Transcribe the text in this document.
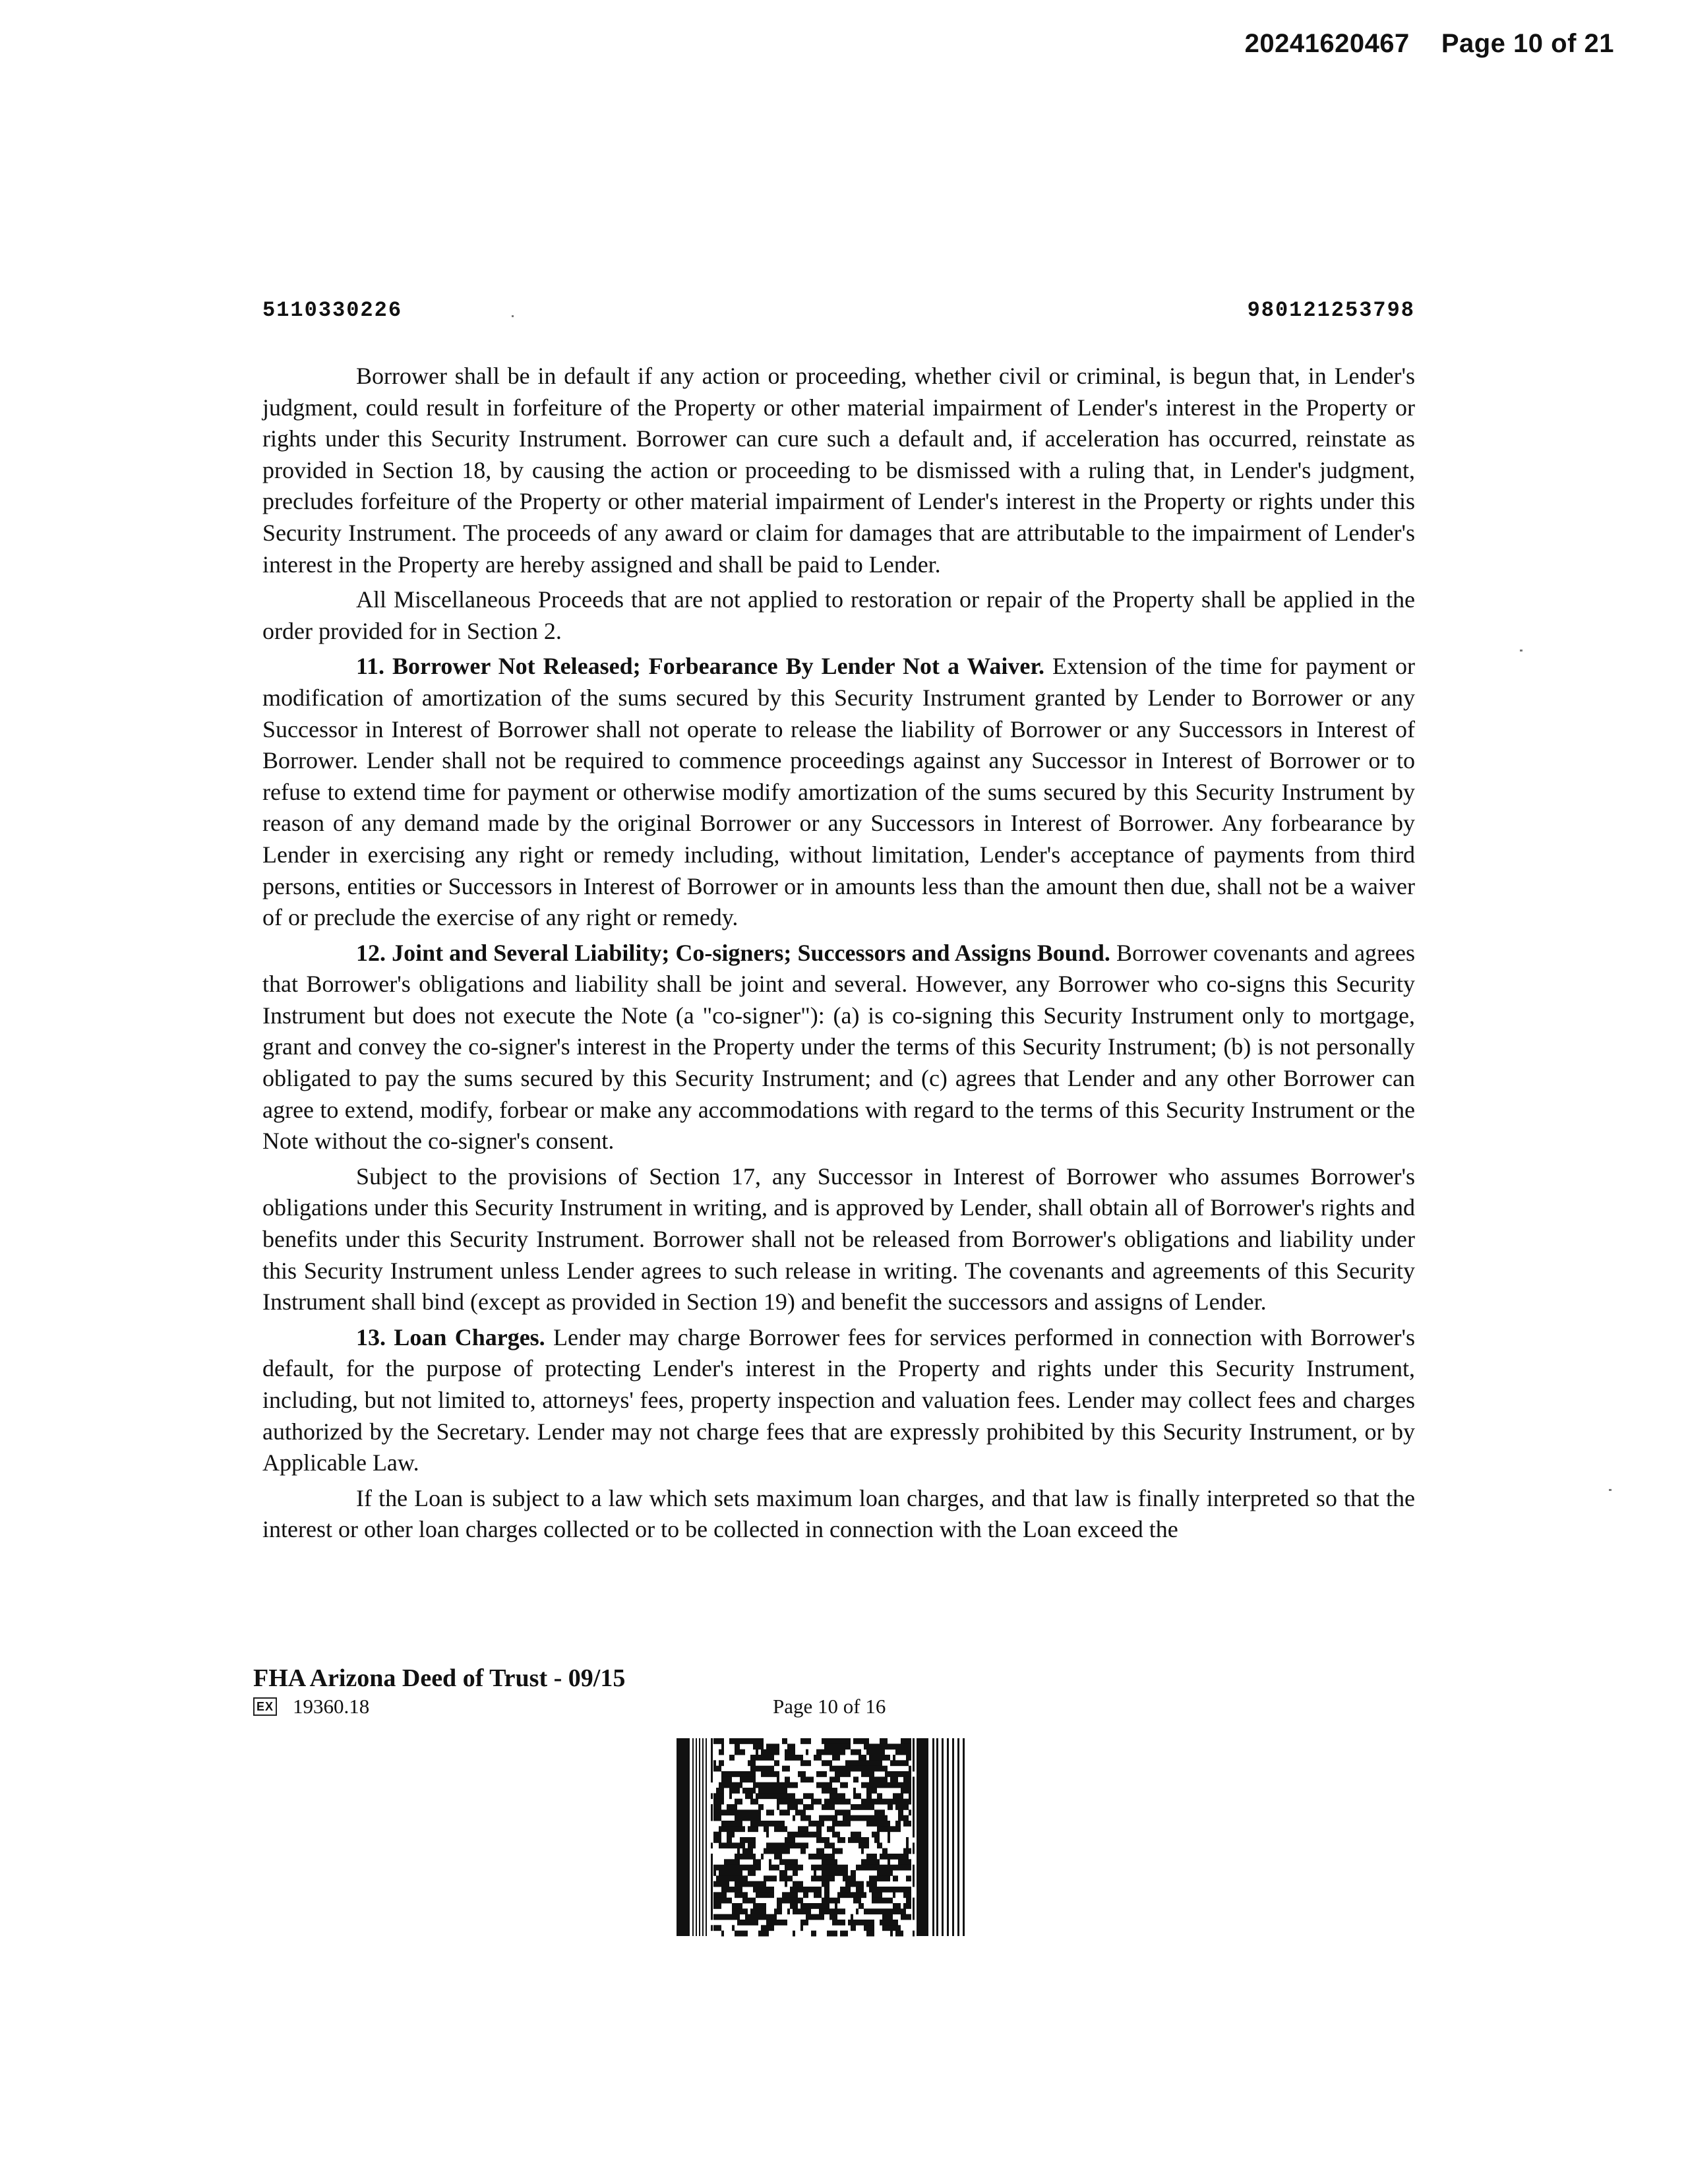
20241620467 Page 10 of 21
5110330226	980121253798

Borrower shall be in default if any action or proceeding, whether civil or criminal, is begun that, in Lender's judgment, could result in forfeiture of the Property or other material impairment of Lender's interest in the Property or rights under this Security Instrument. Borrower can cure such a default and, if acceleration has occurred, reinstate as provided in Section 18, by causing the action or proceeding to be dismissed with a ruling that, in Lender's judgment, precludes forfeiture of the Property or other material impairment of Lender's interest in the Property or rights under this Security Instrument. The proceeds of any award or claim for damages that are attributable to the impairment of Lender's interest in the Property are hereby assigned and shall be paid to Lender.

All Miscellaneous Proceeds that are not applied to restoration or repair of the Property shall be applied in the order provided for in Section 2.

11. Borrower Not Released; Forbearance By Lender Not a Waiver. Extension of the time for payment or modification of amortization of the sums secured by this Security Instrument granted by Lender to Borrower or any Successor in Interest of Borrower shall not operate to release the liability of Borrower or any Successors in Interest of Borrower. Lender shall not be required to commence proceedings against any Successor in Interest of Borrower or to refuse to extend time for payment or otherwise modify amortization of the sums secured by this Security Instrument by reason of any demand made by the original Borrower or any Successors in Interest of Borrower. Any forbearance by Lender in exercising any right or remedy including, without limitation, Lender's acceptance of payments from third persons, entities or Successors in Interest of Borrower or in amounts less than the amount then due, shall not be a waiver of or preclude the exercise of any right or remedy.

12. Joint and Several Liability; Co-signers; Successors and Assigns Bound. Borrower covenants and agrees that Borrower's obligations and liability shall be joint and several. However, any Borrower who co-signs this Security Instrument but does not execute the Note (a "co-signer"): (a) is co-signing this Security Instrument only to mortgage, grant and convey the co-signer's interest in the Property under the terms of this Security Instrument; (b) is not personally obligated to pay the sums secured by this Security Instrument; and (c) agrees that Lender and any other Borrower can agree to extend, modify, forbear or make any accommodations with regard to the terms of this Security Instrument or the Note without the co-signer's consent.

Subject to the provisions of Section 17, any Successor in Interest of Borrower who assumes Borrower's obligations under this Security Instrument in writing, and is approved by Lender, shall obtain all of Borrower's rights and benefits under this Security Instrument. Borrower shall not be released from Borrower's obligations and liability under this Security Instrument unless Lender agrees to such release in writing. The covenants and agreements of this Security Instrument shall bind (except as provided in Section 19) and benefit the successors and assigns of Lender.

13. Loan Charges. Lender may charge Borrower fees for services performed in connection with Borrower's default, for the purpose of protecting Lender's interest in the Property and rights under this Security Instrument, including, but not limited to, attorneys' fees, property inspection and valuation fees. Lender may collect fees and charges authorized by the Secretary. Lender may not charge fees that are expressly prohibited by this Security Instrument, or by Applicable Law.

If the Loan is subject to a law which sets maximum loan charges, and that law is finally interpreted so that the interest or other loan charges collected or to be collected in connection with the Loan exceed the

FHA Arizona Deed of Trust - 09/15
EX 19360.18	Page 10 of 16
